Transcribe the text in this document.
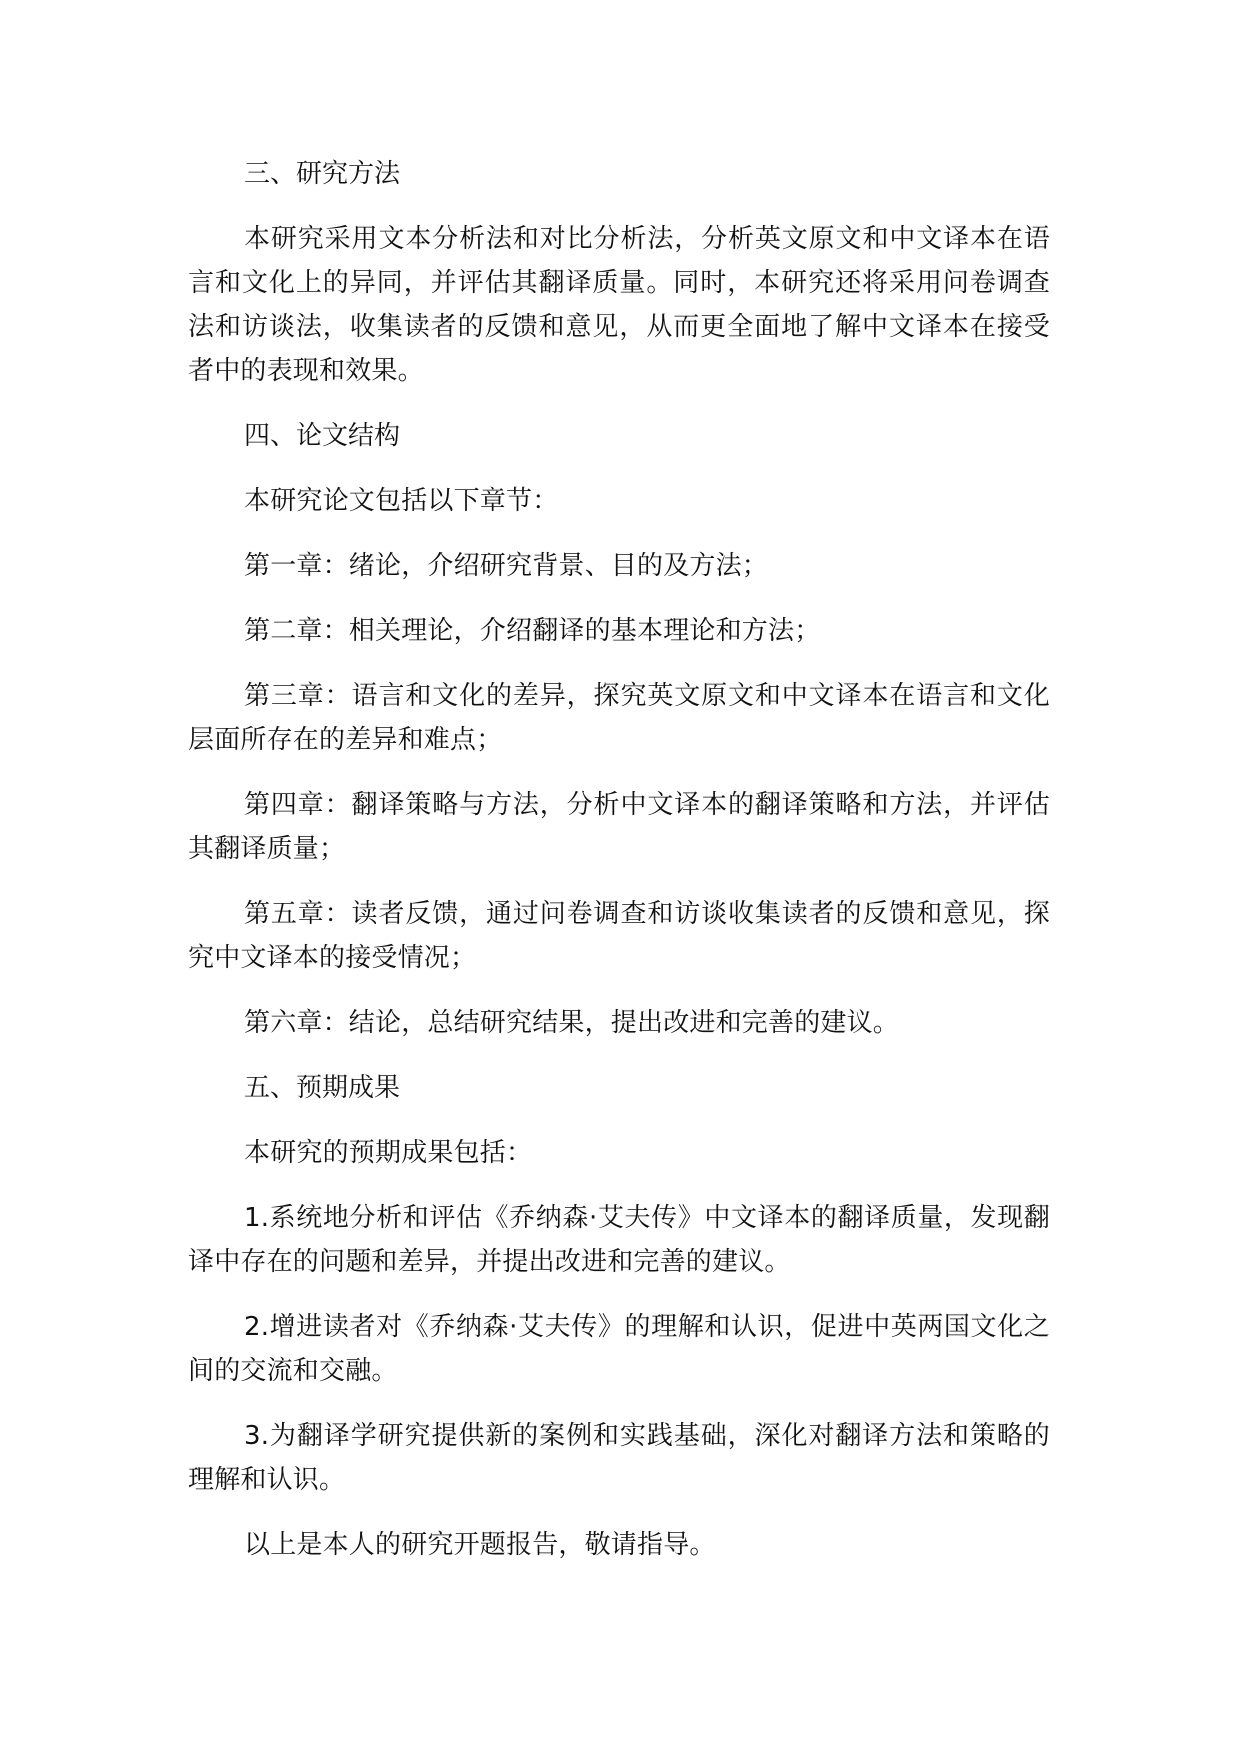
三、研究方法

本研究采用文本分析法和对比分析法，分析英文原文和中文译本在语言和文化上的异同，并评估其翻译质量。同时，本研究还将采用问卷调查法和访谈法，收集读者的反馈和意见，从而更全面地了解中文译本在接受者中的表现和效果。

四、论文结构

本研究论文包括以下章节：

第一章：绪论，介绍研究背景、目的及方法；

第二章：相关理论，介绍翻译的基本理论和方法；

第三章：语言和文化的差异，探究英文原文和中文译本在语言和文化层面所存在的差异和难点；

第四章：翻译策略与方法，分析中文译本的翻译策略和方法，并评估其翻译质量；

第五章：读者反馈，通过问卷调查和访谈收集读者的反馈和意见，探究中文译本的接受情况；

第六章：结论，总结研究结果，提出改进和完善的建议。

五、预期成果

本研究的预期成果包括：

1.系统地分析和评估《乔纳森·艾夫传》中文译本的翻译质量，发现翻译中存在的问题和差异，并提出改进和完善的建议。

2.增进读者对《乔纳森·艾夫传》的理解和认识，促进中英两国文化之间的交流和交融。

3.为翻译学研究提供新的案例和实践基础，深化对翻译方法和策略的理解和认识。

以上是本人的研究开题报告，敬请指导。
